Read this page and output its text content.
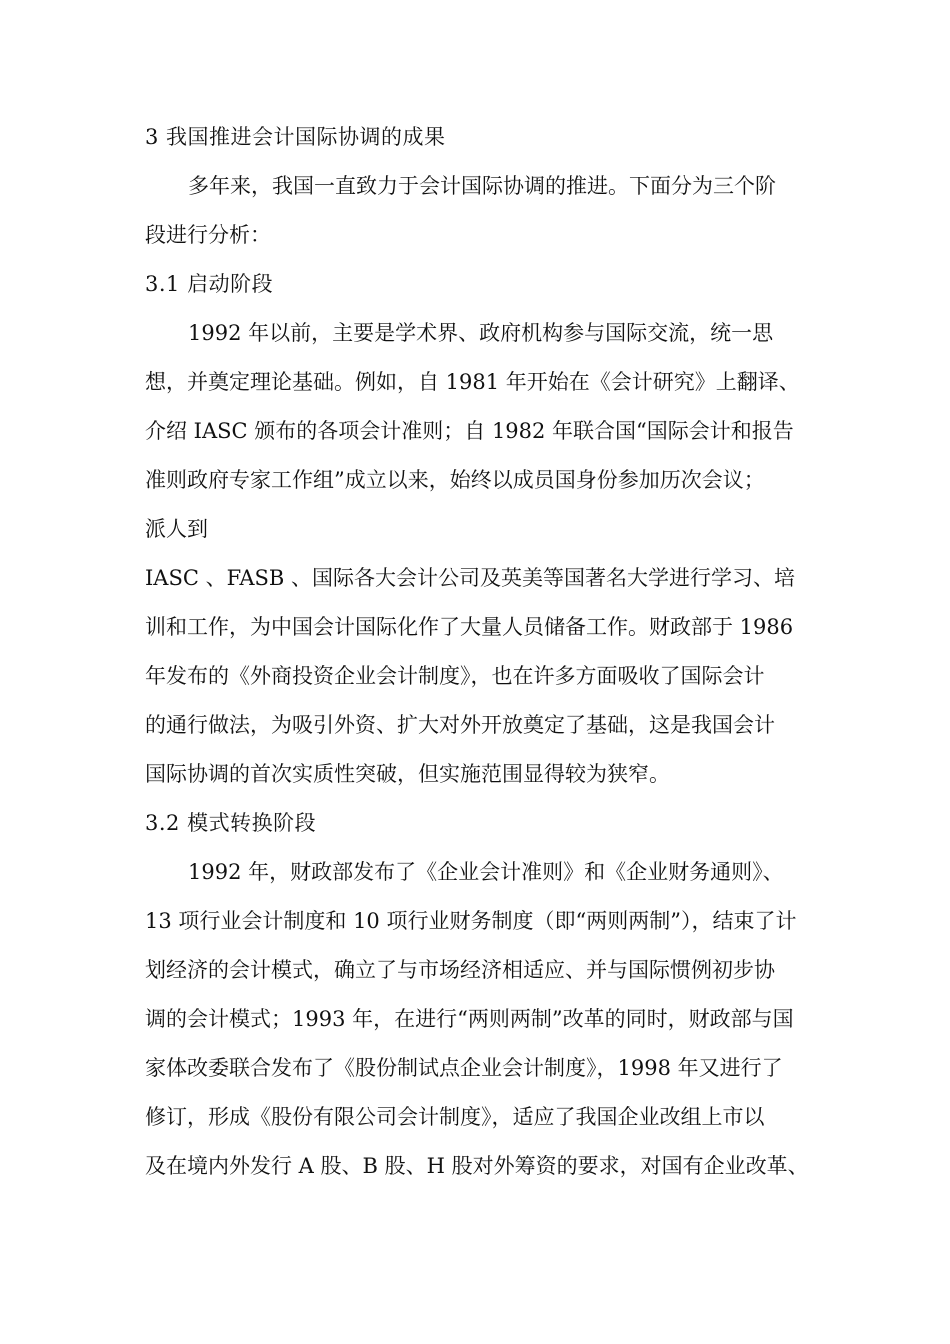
3 我国推进会计国际协调的成果
多年来，我国一直致力于会计国际协调的推进。下面分为三个阶
段进行分析：
3.1 启动阶段
1992 年以前，主要是学术界、政府机构参与国际交流，统一思
想，并奠定理论基础。例如，自 1981 年开始在《会计研究》上翻译、
介绍 IASC 颁布的各项会计准则；自 1982 年联合国“国际会计和报告
准则政府专家工作组”成立以来，始终以成员国身份参加历次会议；
派人到
IASC 、FASB 、国际各大会计公司及英美等国著名大学进行学习、培
训和工作，为中国会计国际化作了大量人员储备工作。财政部于 1986
年发布的《外商投资企业会计制度》，也在许多方面吸收了国际会计
的通行做法，为吸引外资、扩大对外开放奠定了基础，这是我国会计
国际协调的首次实质性突破，但实施范围显得较为狭窄。
3.2 模式转换阶段
1992 年，财政部发布了《企业会计准则》和《企业财务通则》、
13 项行业会计制度和 10 项行业财务制度（即“两则两制”），结束了计
划经济的会计模式，确立了与市场经济相适应、并与国际惯例初步协
调的会计模式；1993 年，在进行“两则两制”改革的同时，财政部与国
家体改委联合发布了《股份制试点企业会计制度》，1998 年又进行了
修订，形成《股份有限公司会计制度》，适应了我国企业改组上市以
及在境内外发行 A 股、B 股、H 股对外筹资的要求，对国有企业改革、
